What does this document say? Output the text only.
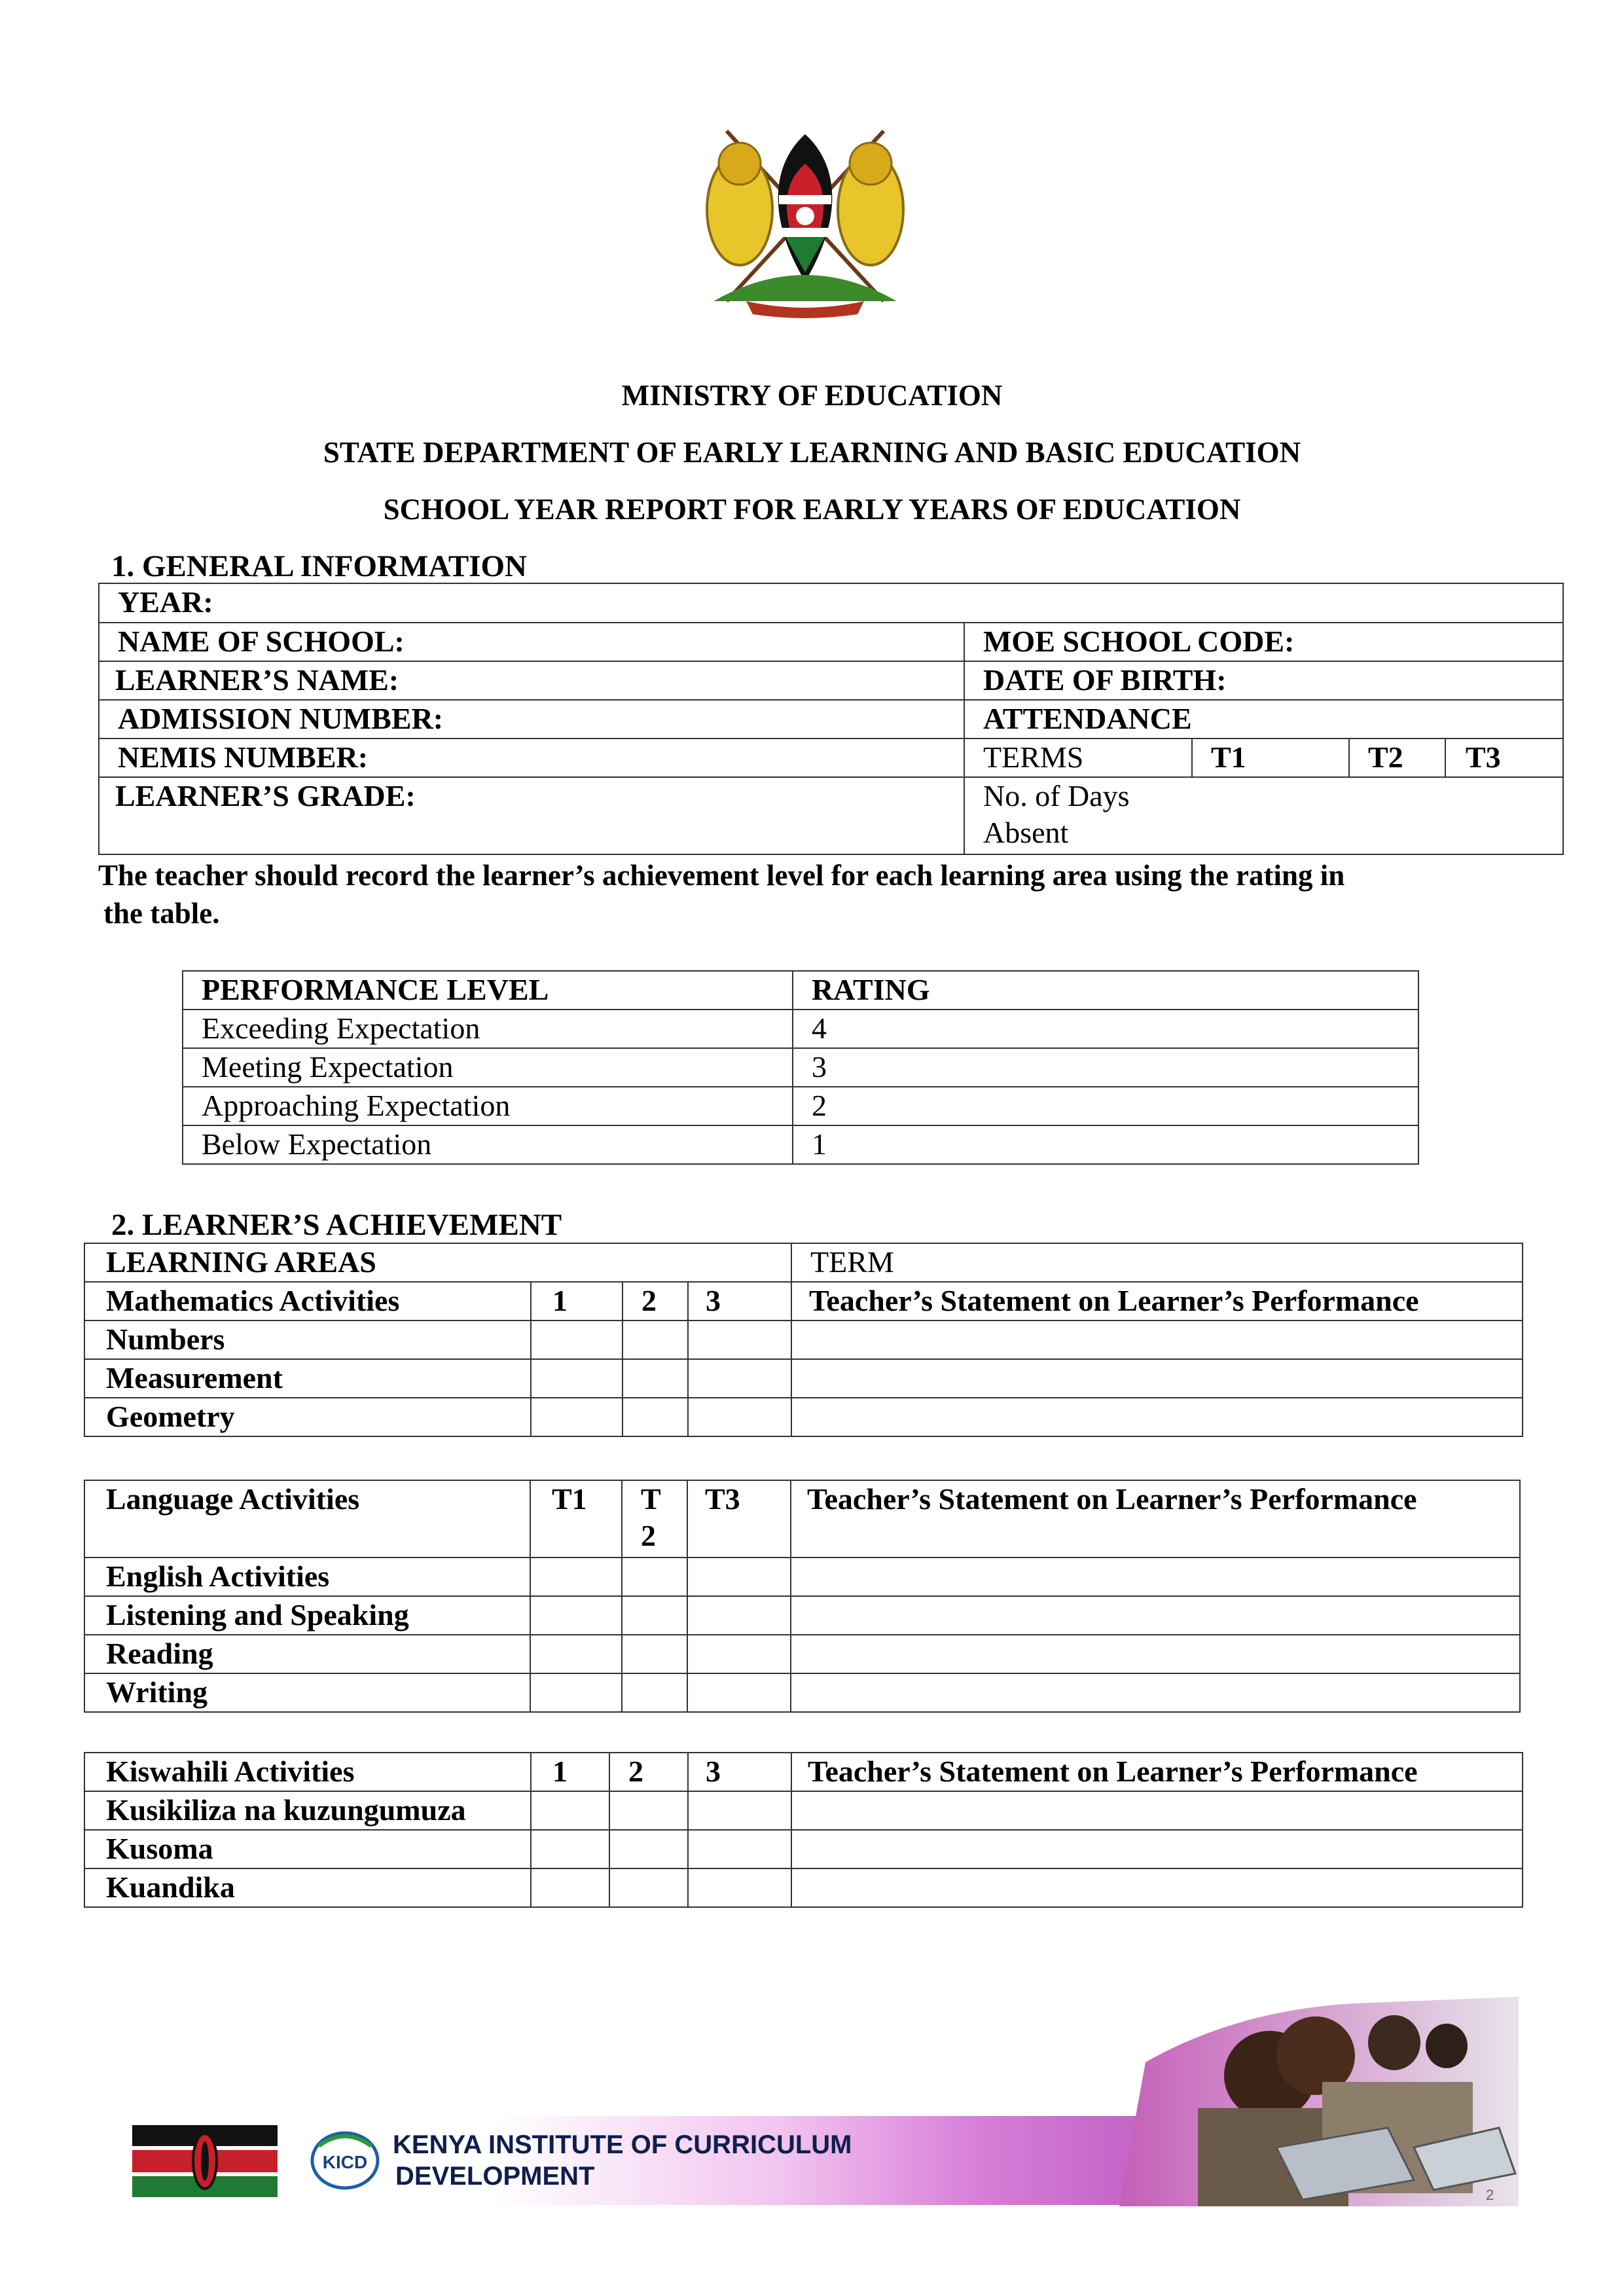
MINISTRY OF EDUCATION
STATE DEPARTMENT OF EARLY LEARNING AND BASIC EDUCATION
SCHOOL YEAR REPORT FOR EARLY YEARS OF EDUCATION
1. GENERAL INFORMATION
YEAR:				
NAME OF SCHOOL:	MOE SCHOOL CODE:			
LEARNER’S NAME:	DATE OF BIRTH:			
ADMISSION NUMBER:	ATTENDANCE			
NEMIS NUMBER:	TERMS	T1	T2	T3
LEARNER’S GRADE:	No. of Days
Absent			
The teacher should record the learner’s achievement level for each learning area using the rating in
the table.
PERFORMANCE LEVEL	RATING
Exceeding Expectation	4
Meeting Expectation	3
Approaching Expectation	2
Below Expectation	1
2. LEARNER’S ACHIEVEMENT
LEARNING AREAS				TERM
Mathematics Activities	1	2	3	Teacher’s Statement on Learner’s Performance
Numbers				
Measurement				
Geometry				
Language Activities	T1	T 2	T3	Teacher’s Statement on Learner’s Performance
English Activities				
Listening and Speaking				
Reading				
Writing				
Kiswahili Activities	1	2	3	Teacher’s Statement on Learner’s Performance
Kusikiliza na kuzungumuza				
Kusoma				
Kuandika				
KICD
KENYA INSTITUTE OF CURRICULUM
DEVELOPMENT
2
